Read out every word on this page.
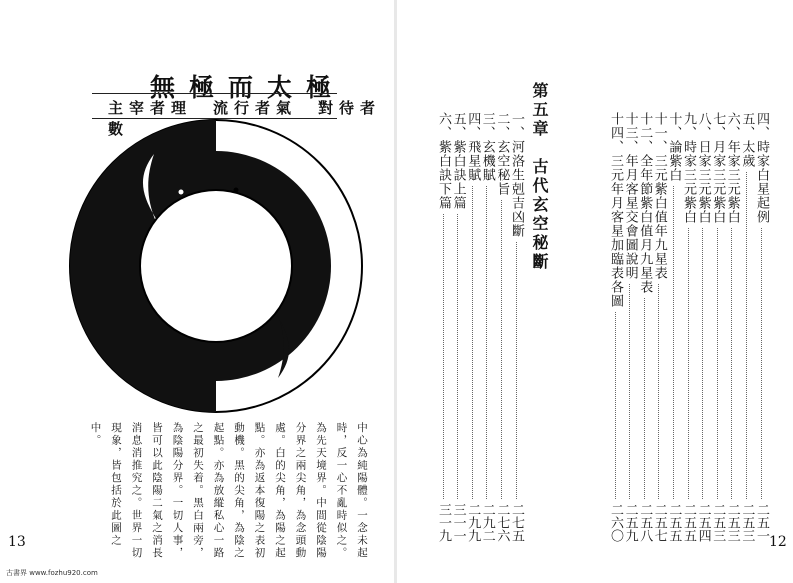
無極而太極
主宰者理　流行者氣　對待者數
中心為純陽體。一念未起
時，反一心不亂時似之。
為先天境界。中間從陰陽
分界之兩尖角，為念頭動
處。白的尖角，為陽之起
點。亦為返本復陽之表初
動機。黑的尖角，為陰之
起點。亦為放縱私心一路
之最初失着。黑白兩旁，
為陰陽分界。一切人事，
皆可以此陰陽二氣之消長
消息消推究之。世界一切
現象，皆包括於此圖之
中。
13
古書界 www.fozhu920.com
一、河洛生剋吉凶斷
二七五
二、玄空秘旨
二七六
三、玄機賦
二九二
四、飛星賦
二九九
五、紫白訣上篇
三一一
六、紫白訣下篇
三一九
第五章　古代玄空秘斷	四、時家白星起例
二五一
五、太歲
二五三
六、年家三元紫白
二五三
七、月家三元紫白
二五三
八、日家三元紫白
二五四
九、時家三元紫白
二五五
十、論紫白
二五五
十一、三元紫白值年九星表
二五七
十二、全年節紫白值月九星表
二五八
十三、年月客星交會圖說明
二五九
十四、三元年月客星加臨表各圖
二六〇	12
